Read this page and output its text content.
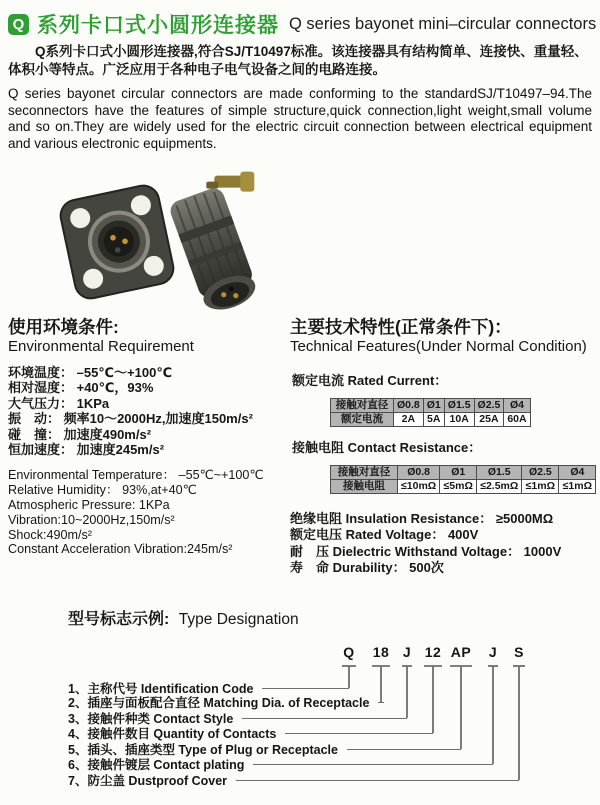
Q 系列卡口式小圆形连接器 Q series bayonet mini–circular connectors
Q系列卡口式小圆形连接器,符合SJ/T10497标准。该连接器具有结构简单、连接快、重量轻、体积小等特点。广泛应用于各种电子电气设备之间的电路连接。
Q series bayonet circular connectors are made conforming to the standardSJ/T10497–94.The seconnectors have the features of simple structure,quick connection,light weight,small volume and so on.They are widely used for the electric circuit connection between electrical equipment and various electronic equipments.
使用环境条件:
Environmental Requirement
环境温度： –55℃～+100℃
相对湿度： +40℃，93%
大气压力： 1KPa
振　动： 频率10～2000Hz,加速度150m/s²
碰　撞： 加速度490m/s²
恒加速度： 加速度245m/s²
Environmental Temperature： –55℃~+100℃
Relative Humidity： 93%,at+40℃
Atmospheric Pressure: 1KPa
Vibration:10~2000Hz,150m/s²
Shock:490m/s²
Constant Acceleration Vibration:245m/s²
主要技术特性(正常条件下)：
Technical Features(Under Normal Condition)
额定电流 Rated Current：
接触对直径	Ø0.8	Ø1	Ø1.5	Ø2.5	Ø4
额定电流	2A	5A	10A	25A	60A
接触电阻 Contact Resistance：
接触对直径	Ø0.8	Ø1	Ø1.5	Ø2.5	Ø4
接触电阻	≤10mΩ	≤5mΩ	≤2.5mΩ	≤1mΩ	≤1mΩ
绝缘电阻 Insulation Resistance： ≥5000MΩ
额定电压 Rated Voltage： 400V
耐　压 Dielectric Withstand Voltage： 1000V
寿　命 Durability： 500次
型号标志示例: Type Designation
Q 18 J 12 AP J S
1、主称代号 Identification Code
2、插座与面板配合直径 Matching Dia. of Receptacle
3、接触件种类 Contact Style
4、接触件数目 Quantity of Contacts
5、插头、插座类型 Type of Plug or Receptacle
6、接触件镀层 Contact plating
7、防尘盖 Dustproof Cover
